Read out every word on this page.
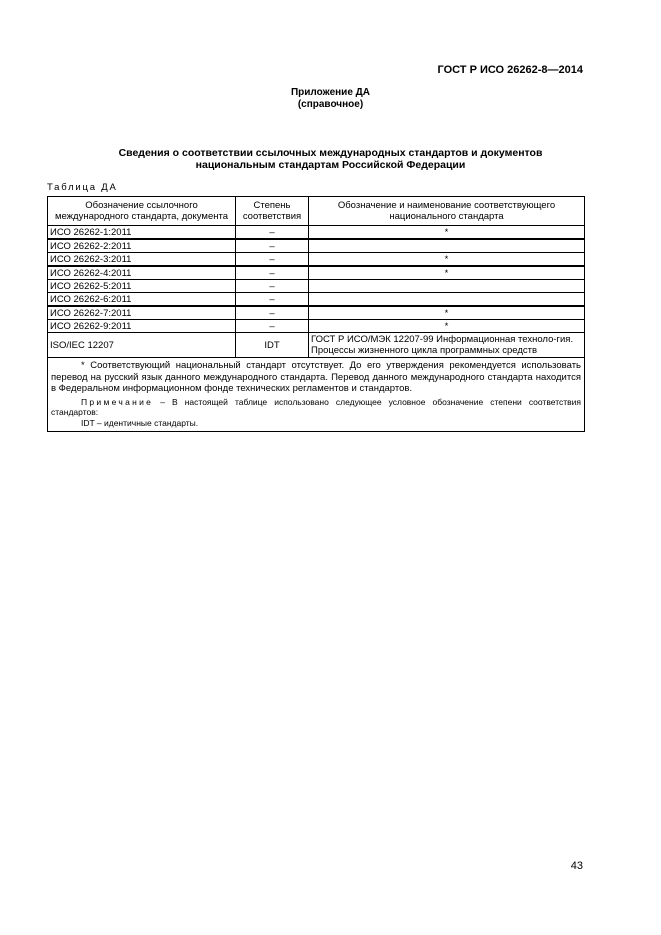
ГОСТ Р ИСО 26262-8—2014
Приложение ДА
(справочное)
Сведения о соответствии ссылочных международных стандартов и документов
национальным стандартам Российской Федерации
Таблица ДА
Обозначение ссылочного международного стандарта, документа	Степень соответствия	Обозначение и наименование соответствующего национального стандарта
ИСО 26262-1:2011	–	*
ИСО 26262-2:2011	–	
ИСО 26262-3:2011	–	*
ИСО 26262-4:2011	–	*
ИСО 26262-5:2011	–	
ИСО 26262-6:2011	–	
ИСО 26262-7:2011	–	*
ИСО 26262-9:2011	–	*
ISO/IEC 12207	IDT	ГОСТ Р ИСО/МЭК 12207-99 Информационная техноло-гия. Процессы жизненного цикла программных средств

* Соответствующий национальный стандарт отсутствует. До его утверждения рекомендуется использовать перевод на русский язык данного международного стандарта. Перевод данного международного стандарта находится в Федеральном информационном фонде технических регламентов и стандартов.
Примечание – В настоящей таблице использовано следующее условное обозначение степени соответствия стандартов:
IDT – идентичные стандарты.		
43
